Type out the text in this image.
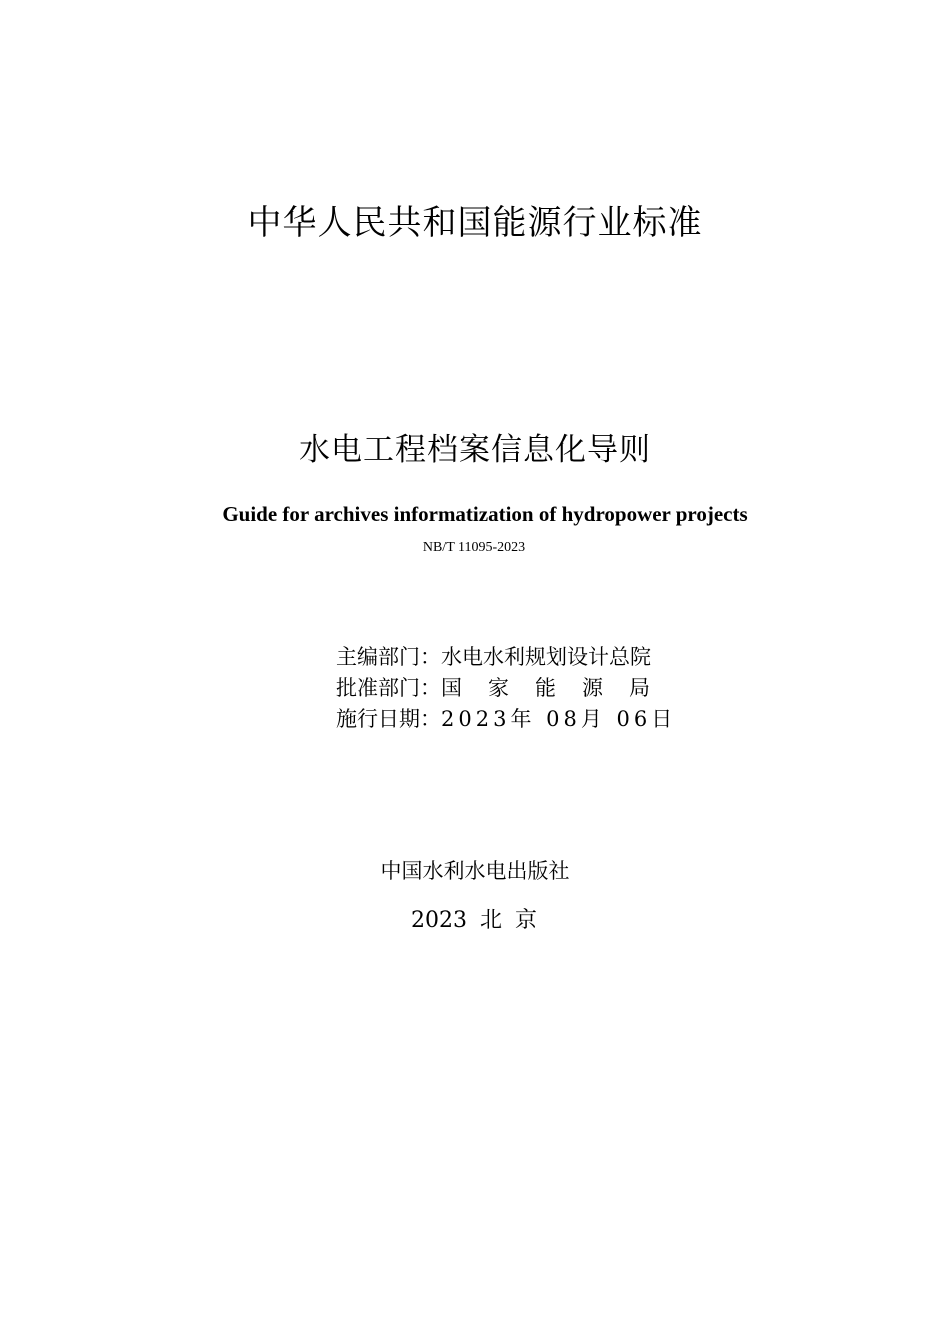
中华人民共和国能源行业标准
水电工程档案信息化导则
Guide for archives informatization of hydropower projects
NB/T 11095-2023
主编部门： 水电水利规划设计总院
批准部门： 国家能源局
施行日期： 2023年 08月 06日
中国水利水电出版社
2023 北 京
